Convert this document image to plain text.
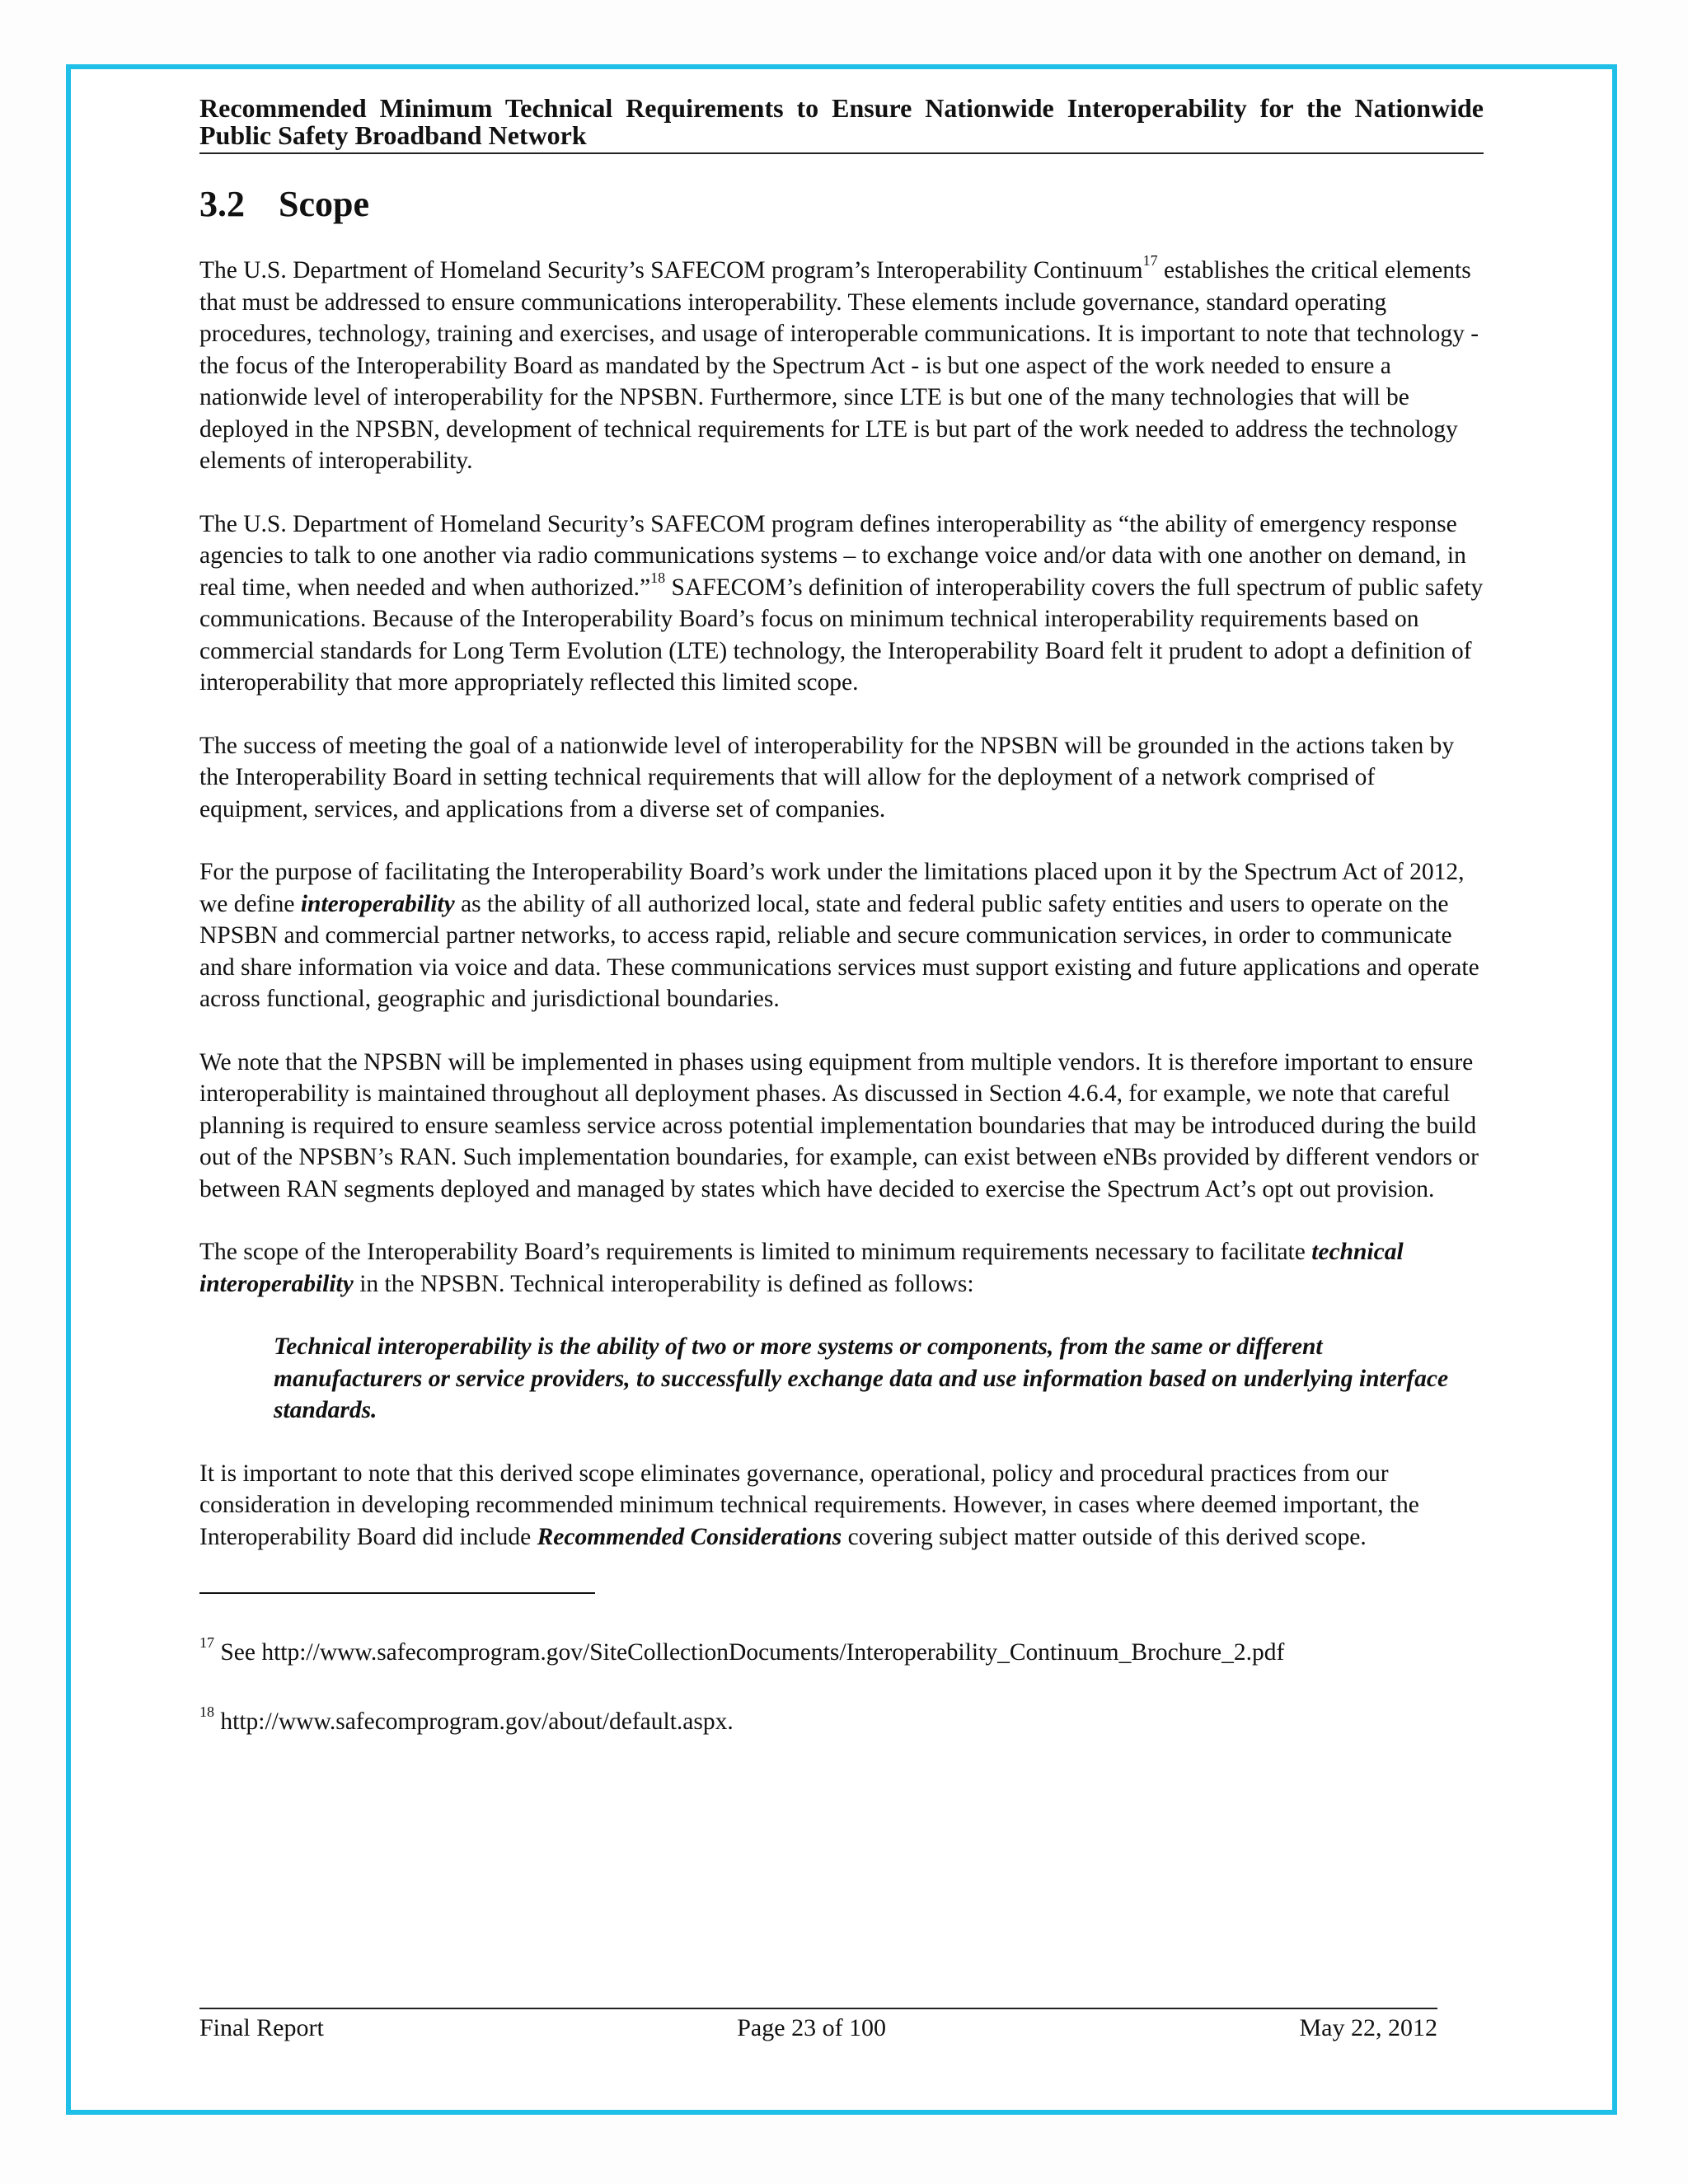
Recommended Minimum Technical Requirements to Ensure Nationwide Interoperability for the Nationwide Public Safety Broadband Network
3.2 Scope

The U.S. Department of Homeland Security’s SAFECOM program’s Interoperability Continuum$^{17}$ establishes the critical elements that must be addressed to ensure communications interoperability. These elements include governance, standard operating procedures, technology, training and exercises, and usage of interoperable communications. It is important to note that technology - the focus of the Interoperability Board as mandated by the Spectrum Act - is but one aspect of the work needed to ensure a nationwide level of interoperability for the NPSBN. Furthermore, since LTE is but one of the many technologies that will be deployed in the NPSBN, development of technical requirements for LTE is but part of the work needed to address the technology elements of interoperability.

The U.S. Department of Homeland Security’s SAFECOM program defines interoperability as “the ability of emergency response agencies to talk to one another via radio communications systems – to exchange voice and/or data with one another on demand, in real time, when needed and when authorized.”$^{18}$ SAFECOM’s definition of interoperability covers the full spectrum of public safety communications. Because of the Interoperability Board’s focus on minimum technical interoperability requirements based on commercial standards for Long Term Evolution (LTE) technology, the Interoperability Board felt it prudent to adopt a definition of interoperability that more appropriately reflected this limited scope.

The success of meeting the goal of a nationwide level of interoperability for the NPSBN will be grounded in the actions taken by the Interoperability Board in setting technical requirements that will allow for the deployment of a network comprised of equipment, services, and applications from a diverse set of companies.

For the purpose of facilitating the Interoperability Board’s work under the limitations placed upon it by the Spectrum Act of 2012, we define interoperability as the ability of all authorized local, state and federal public safety entities and users to operate on the NPSBN and commercial partner networks, to access rapid, reliable and secure communication services, in order to communicate and share information via voice and data. These communications services must support existing and future applications and operate across functional, geographic and jurisdictional boundaries.

We note that the NPSBN will be implemented in phases using equipment from multiple vendors. It is therefore important to ensure interoperability is maintained throughout all deployment phases. As discussed in Section 4.6.4, for example, we note that careful planning is required to ensure seamless service across potential implementation boundaries that may be introduced during the build out of the NPSBN’s RAN. Such implementation boundaries, for example, can exist between eNBs provided by different vendors or between RAN segments deployed and managed by states which have decided to exercise the Spectrum Act’s opt out provision.

The scope of the Interoperability Board’s requirements is limited to minimum requirements necessary to facilitate technical interoperability in the NPSBN. Technical interoperability is defined as follows:

Technical interoperability is the ability of two or more systems or components, from the same or different manufacturers or service providers, to successfully exchange data and use information based on underlying interface standards.

It is important to note that this derived scope eliminates governance, operational, policy and procedural practices from our consideration in developing recommended minimum technical requirements. However, in cases where deemed important, the Interoperability Board did include Recommended Considerations covering subject matter outside of this derived scope.

$^{17}$ See http://www.safecomprogram.gov/SiteCollectionDocuments/Interoperability_Continuum_Brochure_2.pdf

$^{18}$ http://www.safecomprogram.gov/about/default.aspx.

Final Report	Page 23 of 100	May 22, 2012
